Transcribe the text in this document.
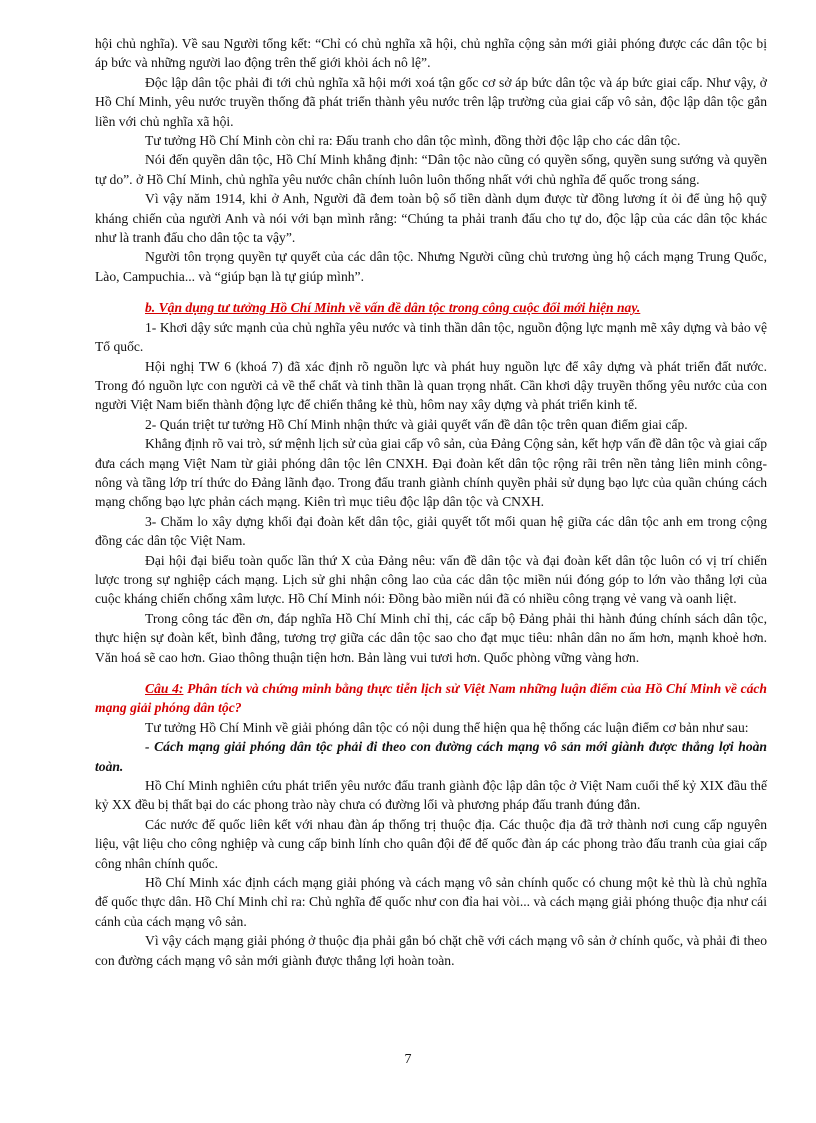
hội chủ nghĩa). Về sau Người tổng kết: “Chỉ có chủ nghĩa xã hội, chủ nghĩa cộng sản mới giải phóng được các dân tộc bị áp bức và những người lao động trên thế giới khỏi ách nô lệ”.

Độc lập dân tộc phải đi tới chủ nghĩa xã hội mới xoá tận gốc cơ sở áp bức dân tộc và áp bức giai cấp. Như vậy, ở Hồ Chí Minh, yêu nước truyền thống đã phát triển thành yêu nước trên lập trường của giai cấp vô sản, độc lập dân tộc gắn liền với chủ nghĩa xã hội.

Tư tưởng Hồ Chí Minh còn chỉ ra: Đấu tranh cho dân tộc mình, đồng thời độc lập cho các dân tộc.

Nói đến quyền dân tộc, Hồ Chí Minh khẳng định: “Dân tộc nào cũng có quyền sống, quyền sung sướng và quyền tự do”. ở Hồ Chí Minh, chủ nghĩa yêu nước chân chính luôn luôn thống nhất với chủ nghĩa đế quốc trong sáng.

Vì vậy năm 1914, khi ở Anh, Người đã đem toàn bộ số tiền dành dụm được từ đồng lương ít ỏi để ủng hộ quỹ kháng chiến của người Anh và nói với bạn mình rằng: “Chúng ta phải tranh đấu cho tự do, độc lập của các dân tộc khác như là tranh đấu cho dân tộc ta vậy”.

Người tôn trọng quyền tự quyết của các dân tộc. Nhưng Người cũng chủ trương ủng hộ cách mạng Trung Quốc, Lào, Campuchia... và “giúp bạn là tự giúp mình”.

b. Vận dụng tư tưởng Hồ Chí Minh về vấn đề dân tộc trong công cuộc đổi mới hiện nay.

1- Khơi dậy sức mạnh của chủ nghĩa yêu nước và tinh thần dân tộc, nguồn động lực mạnh mẽ xây dựng và bảo vệ Tổ quốc.

Hội nghị TW 6 (khoá 7) đã xác định rõ nguồn lực và phát huy nguồn lực để xây dựng và phát triển đất nước. Trong đó nguồn lực con người cả về thể chất và tinh thần là quan trọng nhất. Cần khơi dậy truyền thống yêu nước của con người Việt Nam biến thành động lực để chiến thắng kẻ thù, hôm nay xây dựng và phát triển kinh tế.

2- Quán triệt tư tưởng Hồ Chí Minh nhận thức và giải quyết vấn đề dân tộc trên quan điểm giai cấp.

Khẳng định rõ vai trò, sứ mệnh lịch sử của giai cấp vô sản, của Đảng Cộng sản, kết hợp vấn đề dân tộc và giai cấp đưa cách mạng Việt Nam từ giải phóng dân tộc lên CNXH. Đại đoàn kết dân tộc rộng rãi trên nền tảng liên minh công- nông và tầng lớp trí thức do Đảng lãnh đạo. Trong đấu tranh giành chính quyền phải sử dụng bạo lực của quần chúng cách mạng chống bạo lực phản cách mạng. Kiên trì mục tiêu độc lập dân tộc và CNXH.

3- Chăm lo xây dựng khối đại đoàn kết dân tộc, giải quyết tốt mối quan hệ giữa các dân tộc anh em trong cộng đồng các dân tộc Việt Nam.

Đại hội đại biểu toàn quốc lần thứ X của Đảng nêu: vấn đề dân tộc và đại đoàn kết dân tộc luôn có vị trí chiến lược trong sự nghiệp cách mạng. Lịch sử ghi nhận công lao của các dân tộc miền núi đóng góp to lớn vào thắng lợi của cuộc kháng chiến chống xâm lược. Hồ Chí Minh nói: Đồng bào miền núi đã có nhiều công trạng vẻ vang và oanh liệt.

Trong công tác đền ơn, đáp nghĩa Hồ Chí Minh chỉ thị, các cấp bộ Đảng phải thi hành đúng chính sách dân tộc, thực hiện sự đoàn kết, bình đẳng, tương trợ giữa các dân tộc sao cho đạt mục tiêu: nhân dân no ấm hơn, mạnh khoẻ hơn. Văn hoá sẽ cao hơn. Giao thông thuận tiện hơn. Bản làng vui tươi hơn. Quốc phòng vững vàng hơn.

Câu 4: Phân tích và chứng minh bằng thực tiễn lịch sử Việt Nam những luận điểm của Hồ Chí Minh về cách mạng giải phóng dân tộc?

Tư tưởng Hồ Chí Minh về giải phóng dân tộc có nội dung thể hiện qua hệ thống các luận điểm cơ bản như sau:

- Cách mạng giải phóng dân tộc phải đi theo con đường cách mạng vô sản mới giành được thắng lợi hoàn toàn.

Hồ Chí Minh nghiên cứu phát triển yêu nước đấu tranh giành độc lập dân tộc ở Việt Nam cuối thế kỷ XIX đầu thế kỷ XX đều bị thất bại do các phong trào này chưa có đường lối và phương pháp đấu tranh đúng đắn.

Các nước đế quốc liên kết với nhau đàn áp thống trị thuộc địa. Các thuộc địa đã trở thành nơi cung cấp nguyên liệu, vật liệu cho công nghiệp và cung cấp binh lính cho quân đội để đế quốc đàn áp các phong trào đấu tranh của giai cấp công nhân chính quốc.

Hồ Chí Minh xác định cách mạng giải phóng và cách mạng vô sản chính quốc có chung một kẻ thù là chủ nghĩa đế quốc thực dân. Hồ Chí Minh chỉ ra: Chủ nghĩa đế quốc như con đỉa hai vòi... và cách mạng giải phóng thuộc địa như cái cánh của cách mạng vô sản.

Vì vậy cách mạng giải phóng ở thuộc địa phải gắn bó chặt chẽ với cách mạng vô sản ở chính quốc, và phải đi theo con đường cách mạng vô sản mới giành được thắng lợi hoàn toàn.

7
